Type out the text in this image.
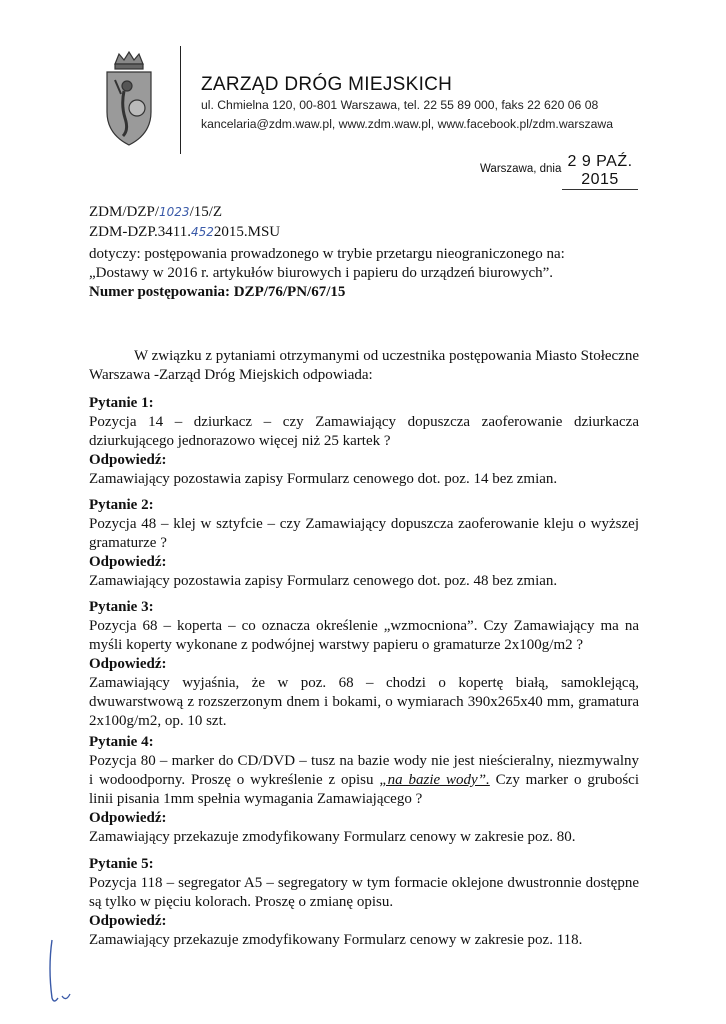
ZARZĄD DRÓG MIEJSKICH
ul. Chmielna 120, 00-801 Warszawa, tel. 22 55 89 000, faks 22 620 06 08
kancelaria@zdm.waw.pl, www.zdm.waw.pl, www.facebook.pl/zdm.warszawa
Warszawa, dnia 2 9 PAŹ. 2015
ZDM/DZP/1023/15/Z
ZDM-DZP.3411.4522015.MSU
dotyczy: postępowania prowadzonego w trybie przetargu nieograniczonego na:
„Dostawy w 2016 r. artykułów biurowych i papieru do urządzeń biurowych”.
Numer postępowania: DZP/76/PN/67/15
W związku z pytaniami otrzymanymi od uczestnika postępowania Miasto Stołeczne Warszawa -Zarząd Dróg Miejskich odpowiada:
Pytanie 1:
Pozycja 14 – dziurkacz – czy Zamawiający dopuszcza zaoferowanie dziurkacza dziurkującego jednorazowo więcej niż 25 kartek ?
Odpowiedź:
Zamawiający pozostawia zapisy Formularz cenowego dot. poz. 14 bez zmian.
Pytanie 2:
Pozycja 48 – klej w sztyfcie – czy Zamawiający dopuszcza zaoferowanie kleju o wyższej gramaturze ?
Odpowiedź:
Zamawiający pozostawia zapisy Formularz cenowego dot. poz. 48 bez zmian.
Pytanie 3:
Pozycja 68 – koperta – co oznacza określenie „wzmocniona”. Czy Zamawiający ma na myśli koperty wykonane z podwójnej warstwy papieru o gramaturze 2x100g/m2 ?
Odpowiedź:
Zamawiający wyjaśnia, że w poz. 68 – chodzi o kopertę białą, samoklejącą, dwuwarstwową z rozszerzonym dnem i bokami, o wymiarach 390x265x40 mm, gramatura 2x100g/m2, op. 10 szt.
Pytanie 4:
Pozycja 80 – marker do CD/DVD – tusz na bazie wody nie jest nieścieralny, niezmywalny i wodoodporny. Proszę o wykreślenie z opisu „na bazie wody”. Czy marker o grubości linii pisania 1mm spełnia wymagania Zamawiającego ?
Odpowiedź:
Zamawiający przekazuje zmodyfikowany Formularz cenowy w zakresie poz. 80.
Pytanie 5:
Pozycja 118 – segregator A5 – segregatory w tym formacie oklejone dwustronnie dostępne są tylko w pięciu kolorach. Proszę o zmianę opisu.
Odpowiedź:
Zamawiający przekazuje zmodyfikowany Formularz cenowy w zakresie poz. 118.
